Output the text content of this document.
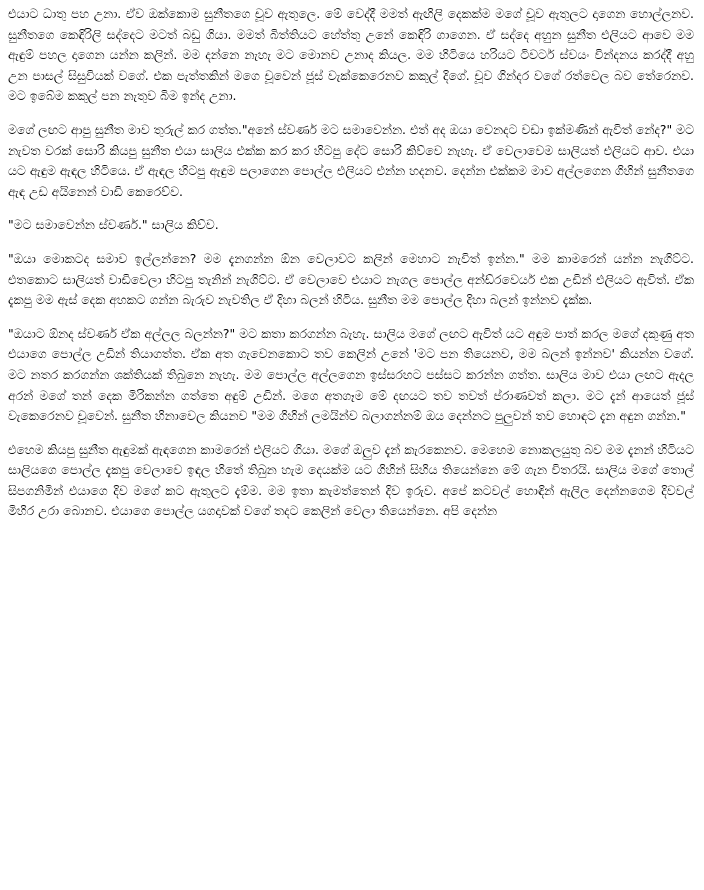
එයාට ධාතු පහ උනා. ඒව ඔක්කොම සුනීතගෙ චූව ඇතුලෙ. මේ වෙද්දී මමත් ඇඟිලි දෙකක්ම මගේ චූව ඇතුලට දාගෙන හොල්ලනව. සුනීතගෙ කෙඳිරිලි සද්දෙට මටත් බඩු ගියා. මමත් බිත්තියට හේත්තු උනේ කෙඳිරි ගාගෙන. ඒ සද්දෙ අහුන සුනීත එලියට ආවෙ මම ඇඳුම් පහල දාගෙන යන්න කලින්. මම දන්නෙ නැහැ මට මොනව උනාද කියල. මම හිටියෙ හරියට ටිවර්ට ස්වයං වින්දනය කරද්දී අහු උන පාසල් සිසුවියක් වගේ. එක පැත්තකින් මගෙ චූවෙන් ජූස් වැක්කෙරෙනව කකුල් දිගේ. චූව ගින්දර වගේ රත්වෙල බව තේරෙනව. මට ඉබේම කකුල් පන නැතුව බිම ඉන්ද උනා.

මගේ ලඟට ආපු සුනීත මාව තුරුල් කර ගත්ත."අනේ ස්වර්ණ මට සමාවෙන්න. එත් අද ඔයා වෙනදට වඩා ඉක්මණින් ඇවිත් නේද?" මට නැවත වරක් සොරි කියපු සුනීත එයා සාලිය එක්ක කර කර හිටපු දේට සොරි කිව්වෙ නැහැ. ඒ වෙලාවෙම සාලියත් එලියට ආව. එයා යට ඇඳුම ඇඳල හිටියෙ. ඒ ඇඳල හිටපු ඇඳුම පලාගෙන පොල්ල එලියට එන්න හදනව. දෙන්න එක්කම මාව අල්ලගෙන ගිහින් සුනීතගෙ ඇඳ උඩ අයිනෙන් වාඩි කෙරෙව්ව.

"මට සමාවෙන්න ස්වර්ණ." සාලිය කිව්ව.

"ඔයා මොකටද සමාව ඉල්ලන්නෙ? මම දැනගන්න ඕන වෙලාවට කලින් මෙහාට නැවිත් ඉන්න." මම කාමරෙන් යන්න නැගිට්ට. එතකොට සාලියත් වාඩිවෙලා හිටපු තැනින් නැගිට්ට. ඒ වෙලාවෙ එයාට නැගල පොල්ල අන්ඩ්රවෙයර් එක උඩින් එලියට ඇවිත්. ඒක දැකපු මම ඇස් දෙක අහකට ගන්න බැරුව නැවතිල ඒ දිහා බලන් හිටිය. සුනීත මම පොල්ල දිහා බලන් ඉන්නව දැක්ක.

"ඔයාට ඕනද ස්වර්ණ ඒක අල්ලල බලන්න?" මට කතා කරගන්න බැහැ. සාලිය මගේ ලඟට ඇවිත් යට අඳුම පාත් කරල මගේ දකුණු අත එයාගෙ පොල්ල උඩින් තියාගත්ත. ඒක අත ගැවෙනකොට තව කෙලින් උනේ 'මට පන තියෙනව, මම බලන් ඉන්නව' කියන්න වගේ. මට නතර කරගන්න ශක්තියක් තිබුනෙ නැහැ. මම පොල්ල අල්ලගෙන ඉස්සරහට පස්සට කරන්න ගත්ත. සාලිය මාව එයා ලඟට ඇදල අරන් මගේ තන් දෙක මිරිකන්න ගත්තෙ අඳුම් උඩින්. මගෙ අතගෑම මේ දඟයට තව තවත් ප්රාණවත් කලා. මට දැන් ආයෙත් ජූස් වැකෙරෙනව චූවෙන්. සුනීත හිනාවෙල කියනව "මම ගිහින් ලමයින්ව බලාගන්නම් ඔය දෙන්නට පුලුවන් තව හොඳට දැන අඳුන ගන්න."

එහෙම කියපු සුනීත ඇඳුමක් ඇඳගෙන කාමරෙන් එලියට ගියා. මගේ ඔලුව දැන් කැරකෙනව. මෙහෙම නොකලයුතු බව මම දැනන් හිටියට සාලියගෙ පොල්ල දැකපු වෙලාවෙ ඉඳල හිතේ තිබුන හැම දෙයක්ම යට ගිහින් සිහිය තියෙන්නෙ මේ ගැන විතරයි. සාලිය මගේ තොල් සිපගනිමින් එයාගෙ දිව මගේ කට ඇතුලට දැම්ම. මම ඉතා කැමත්තෙන් දිව ඉරුව. අපේ කටවල් හොඳින් ඇලිල දෙන්නගෙම දිවවල් මිහිර උරා බොනව. එයාගෙ පොල්ල යගදාවක් වගේ තදට කෙලින් වෙලා තියෙන්නෙ. අපි දෙන්න
